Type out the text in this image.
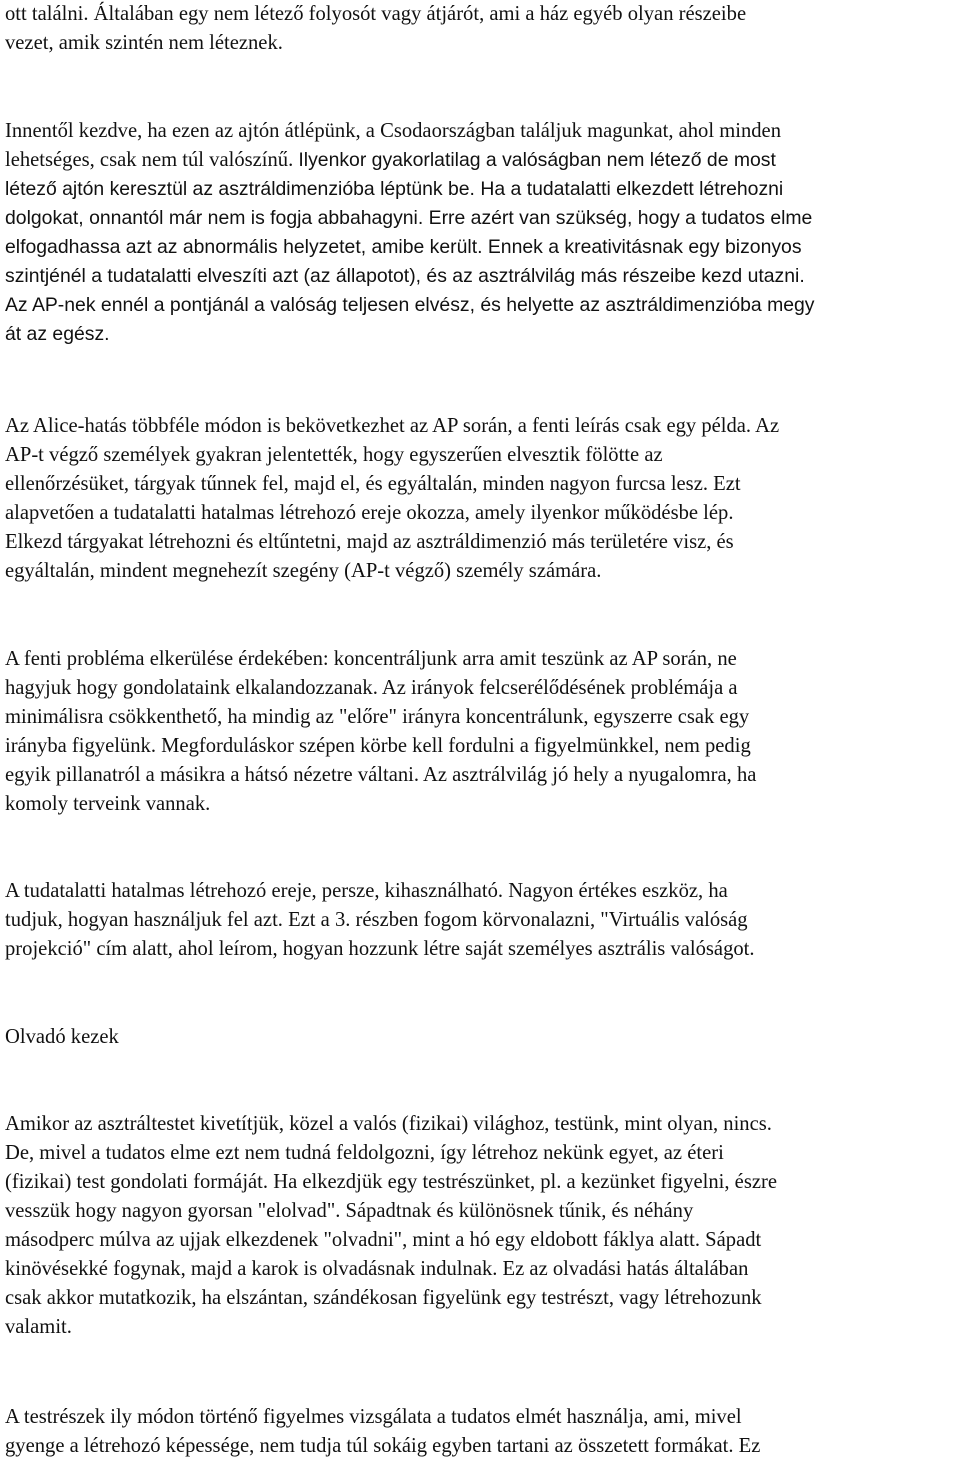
ott találni. Általában egy nem létező folyosót vagy átjárót, ami a ház egyéb olyan részeibe
vezet, amik szintén nem léteznek.
Innentől kezdve, ha ezen az ajtón átlépünk, a Csodaországban találjuk magunkat, ahol minden
lehetséges, csak nem túl valószínű. Ilyenkor gyakorlatilag a valóságban nem létező de most
létező ajtón keresztül az asztráldimenzióba léptünk be. Ha a tudatalatti elkezdett létrehozni
dolgokat, onnantól már nem is fogja abbahagyni. Erre azért van szükség, hogy a tudatos elme
elfogadhassa azt az abnormális helyzetet, amibe került. Ennek a kreativitásnak egy bizonyos
szintjénél a tudatalatti elveszíti azt (az állapotot), és az asztrálvilág más részeibe kezd utazni.
Az AP-nek ennél a pontjánál a valóság teljesen elvész, és helyette az asztráldimenzióba megy
át az egész.
Az Alice-hatás többféle módon is bekövetkezhet az AP során, a fenti leírás csak egy példa. Az
AP-t végző személyek gyakran jelentették, hogy egyszerűen elvesztik fölötte az
ellenőrzésüket, tárgyak tűnnek fel, majd el, és egyáltalán, minden nagyon furcsa lesz. Ezt
alapvetően a tudatalatti hatalmas létrehozó ereje okozza, amely ilyenkor működésbe lép.
Elkezd tárgyakat létrehozni és eltűntetni, majd az asztráldimenzió más területére visz, és
egyáltalán, mindent megnehezít szegény (AP-t végző) személy számára.
A fenti probléma elkerülése érdekében: koncentráljunk arra amit teszünk az AP során, ne
hagyjuk hogy gondolataink elkalandozzanak. Az irányok felcserélődésének problémája a
minimálisra csökkenthető, ha mindig az "előre" irányra koncentrálunk, egyszerre csak egy
irányba figyelünk. Megforduláskor szépen körbe kell fordulni a figyelmünkkel, nem pedig
egyik pillanatról a másikra a hátsó nézetre váltani. Az asztrálvilág jó hely a nyugalomra, ha
komoly terveink vannak.
A tudatalatti hatalmas létrehozó ereje, persze, kihasználható. Nagyon értékes eszköz, ha
tudjuk, hogyan használjuk fel azt. Ezt a 3. részben fogom körvonalazni, "Virtuális valóság
projekció" cím alatt, ahol leírom, hogyan hozzunk létre saját személyes asztrális valóságot.
Olvadó kezek
Amikor az asztráltestet kivetítjük, közel a valós (fizikai) világhoz, testünk, mint olyan, nincs.
De, mivel a tudatos elme ezt nem tudná feldolgozni, így létrehoz nekünk egyet, az éteri
(fizikai) test gondolati formáját. Ha elkezdjük egy testrészünket, pl. a kezünket figyelni, észre
vesszük hogy nagyon gyorsan "elolvad". Sápadtnak és különösnek tűnik, és néhány
másodperc múlva az ujjak elkezdenek "olvadni", mint a hó egy eldobott fáklya alatt. Sápadt
kinövésekké fogynak, majd a karok is olvadásnak indulnak. Ez az olvadási hatás általában
csak akkor mutatkozik, ha elszántan, szándékosan figyelünk egy testrészt, vagy létrehozunk
valamit.
A testrészek ily módon történő figyelmes vizsgálata a tudatos elmét használja, ami, mivel
gyenge a létrehozó képessége, nem tudja túl sokáig egyben tartani az összetett formákat. Ez
